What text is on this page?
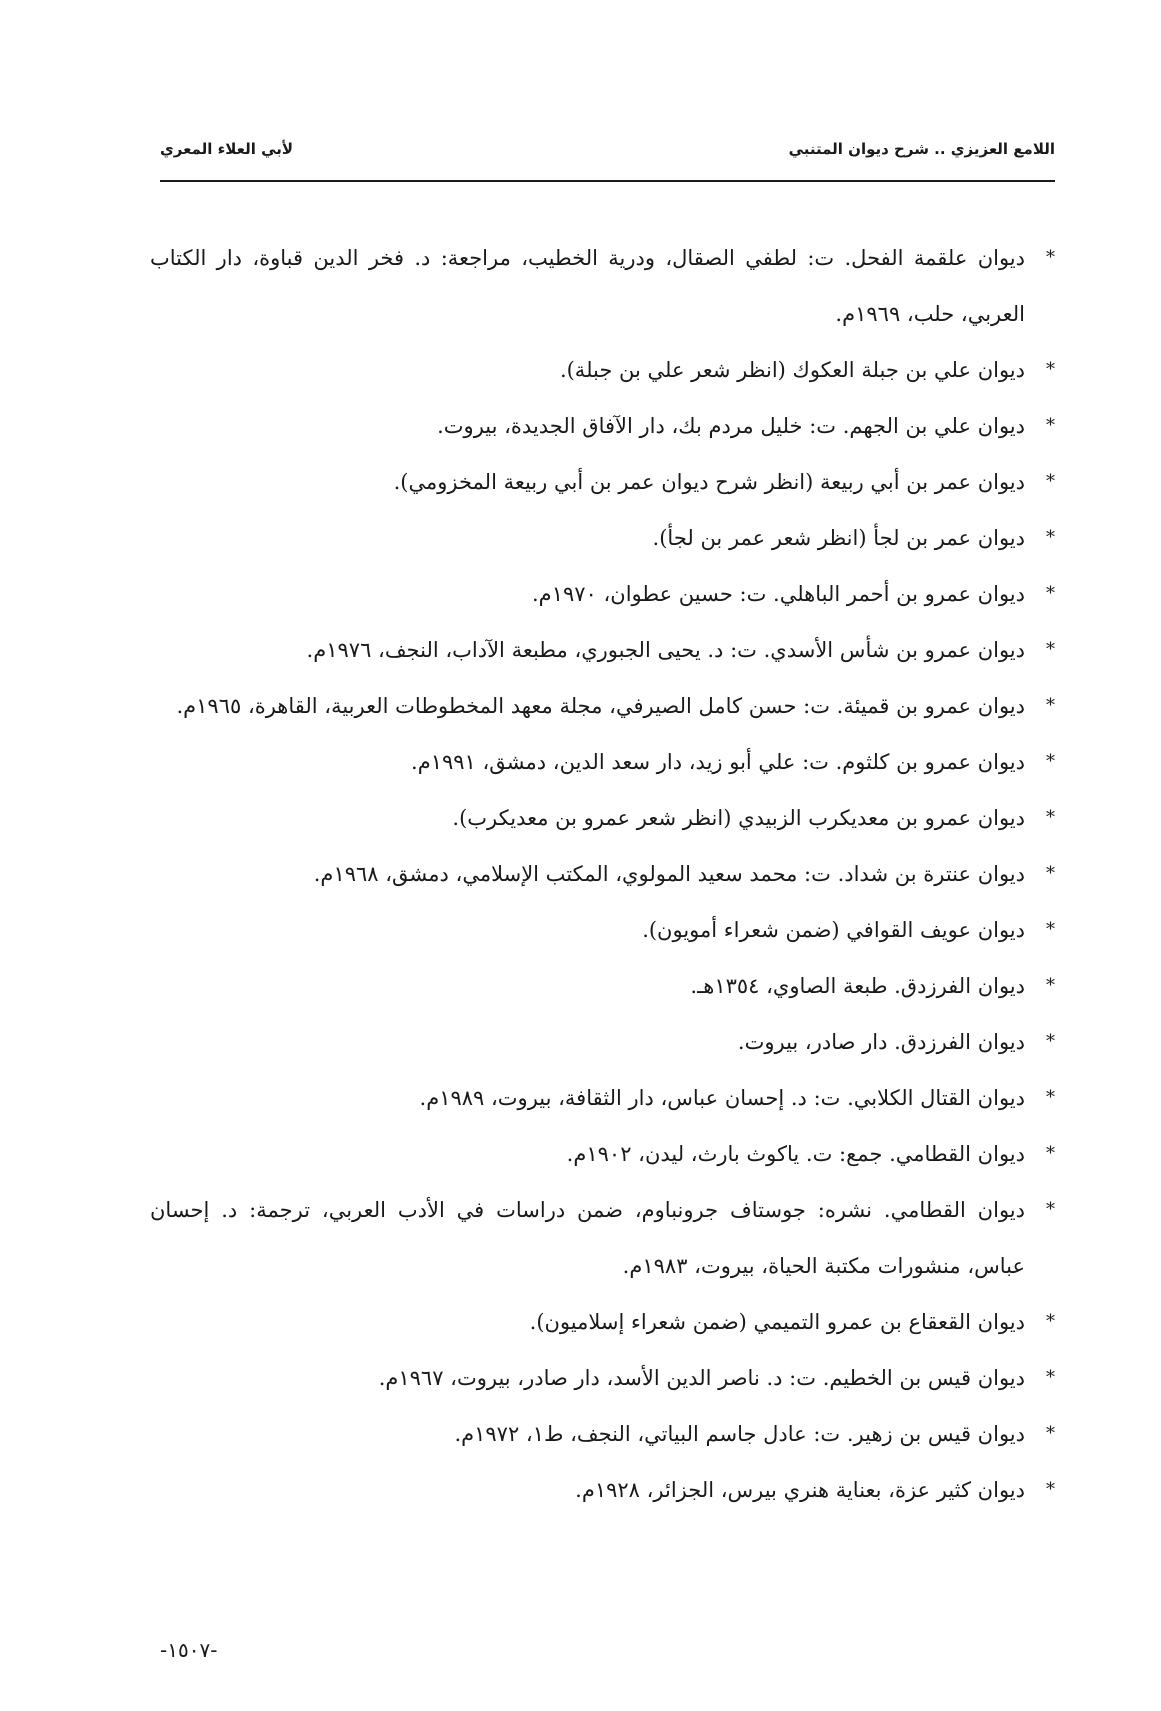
اللامع العزيزي .. شرح ديوان المتنبي
لأبي العلاء المعري
*
ديوان علقمة الفحل. ت: لطفي الصقال، ودرية الخطيب، مراجعة: د. فخر الدين قباوة، دار الكتاب العربي، حلب، ١٩٦٩م.
*
ديوان علي بن جبلة العكوك (انظر شعر علي بن جبلة).
*
ديوان علي بن الجهم. ت: خليل مردم بك، دار الآفاق الجديدة، بيروت.
*
ديوان عمر بن أبي ربيعة (انظر شرح ديوان عمر بن أبي ربيعة المخزومي).
*
ديوان عمر بن لجأ (انظر شعر عمر بن لجأ).
*
ديوان عمرو بن أحمر الباهلي. ت: حسين عطوان، ١٩٧٠م.
*
ديوان عمرو بن شأس الأسدي. ت: د. يحيى الجبوري، مطبعة الآداب، النجف، ١٩٧٦م.
*
ديوان عمرو بن قميئة. ت: حسن كامل الصيرفي، مجلة معهد المخطوطات العربية، القاهرة، ١٩٦٥م.
*
ديوان عمرو بن كلثوم. ت: علي أبو زيد، دار سعد الدين، دمشق، ١٩٩١م.
*
ديوان عمرو بن معديكرب الزبيدي (انظر شعر عمرو بن معديكرب).
*
ديوان عنترة بن شداد. ت: محمد سعيد المولوي، المكتب الإسلامي، دمشق، ١٩٦٨م.
*
ديوان عويف القوافي (ضمن شعراء أمويون).
*
ديوان الفرزدق. طبعة الصاوي، ١٣٥٤هـ.
*
ديوان الفرزدق. دار صادر، بيروت.
*
ديوان القتال الكلابي. ت: د. إحسان عباس، دار الثقافة، بيروت، ١٩٨٩م.
*
ديوان القطامي. جمع: ت. ياكوث بارث، ليدن، ١٩٠٢م.
*
ديوان القطامي. نشره: جوستاف جرونباوم، ضمن دراسات في الأدب العربي، ترجمة: د. إحسان عباس، منشورات مكتبة الحياة، بيروت، ١٩٨٣م.
*
ديوان القعقاع بن عمرو التميمي (ضمن شعراء إسلاميون).
*
ديوان قيس بن الخطيم. ت: د. ناصر الدين الأسد، دار صادر، بيروت، ١٩٦٧م.
*
ديوان قيس بن زهير. ت: عادل جاسم البياتي، النجف، ط١، ١٩٧٢م.
*
ديوان كثير عزة، بعناية هنري بيرس، الجزائر، ١٩٢٨م.
-١٥٠٧-
